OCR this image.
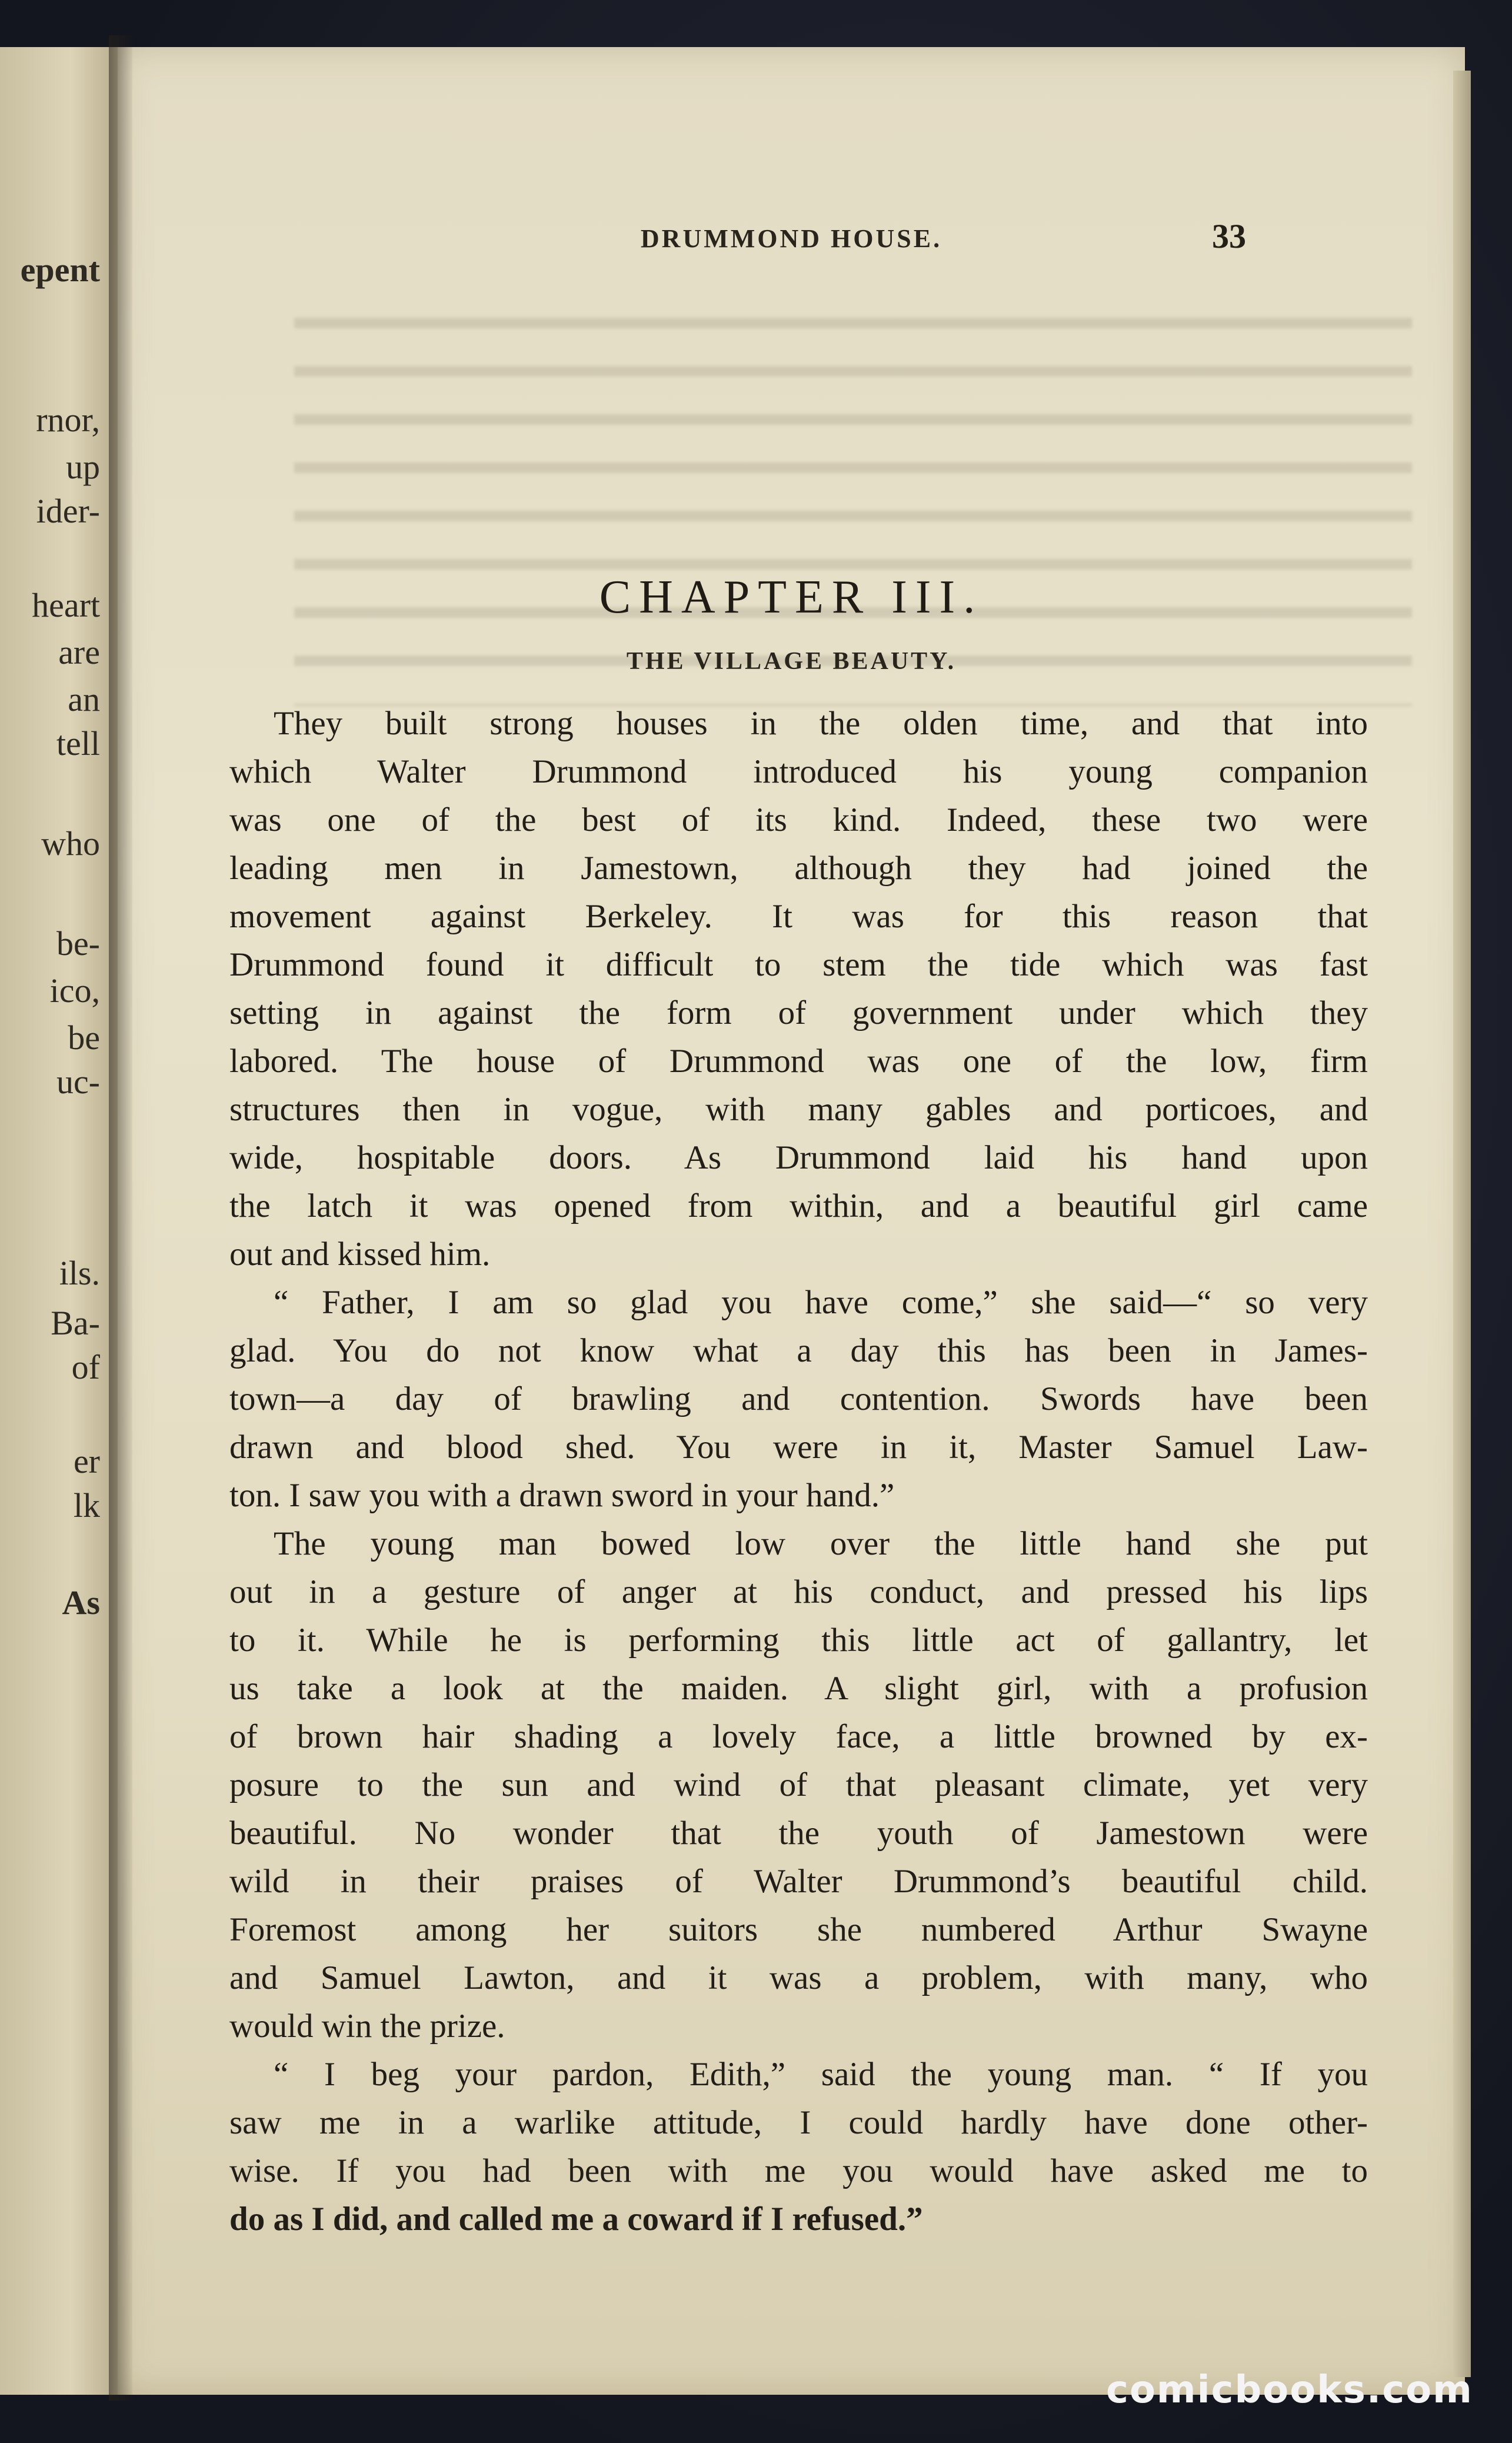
epent
rnor,
up
ider-
heart
are
an
tell
who
be-
ico,
be
uc-
ils.
Ba-
of
er
lk
As
DRUMMOND HOUSE.	33
CHAPTER III.
THE VILLAGE BEAUTY.
They built strong houses in the olden time, and that into
which Walter Drummond introduced his young companion
was one of the best of its kind. Indeed, these two were
leading men in Jamestown, although they had joined the
movement against Berkeley. It was for this reason that
Drummond found it difficult to stem the tide which was fast
setting in against the form of government under which they
labored. The house of Drummond was one of the low, firm
structures then in vogue, with many gables and porticoes, and
wide, hospitable doors. As Drummond laid his hand upon
the latch it was opened from within, and a beautiful girl came
out and kissed him.
“ Father, I am so glad you have come,” she said—“ so very
glad. You do not know what a day this has been in James-
town—a day of brawling and contention. Swords have been
drawn and blood shed. You were in it, Master Samuel Law-
ton. I saw you with a drawn sword in your hand.”
The young man bowed low over the little hand she put
out in a gesture of anger at his conduct, and pressed his lips
to it. While he is performing this little act of gallantry, let
us take a look at the maiden. A slight girl, with a profusion
of brown hair shading a lovely face, a little browned by ex-
posure to the sun and wind of that pleasant climate, yet very
beautiful. No wonder that the youth of Jamestown were
wild in their praises of Walter Drummond’s beautiful child.
Foremost among her suitors she numbered Arthur Swayne
and Samuel Lawton, and it was a problem, with many, who
would win the prize.
“ I beg your pardon, Edith,” said the young man. “ If you
saw me in a warlike attitude, I could hardly have done other-
wise. If you had been with me you would have asked me to
do as I did, and called me a coward if I refused.”
comicbooks.com
